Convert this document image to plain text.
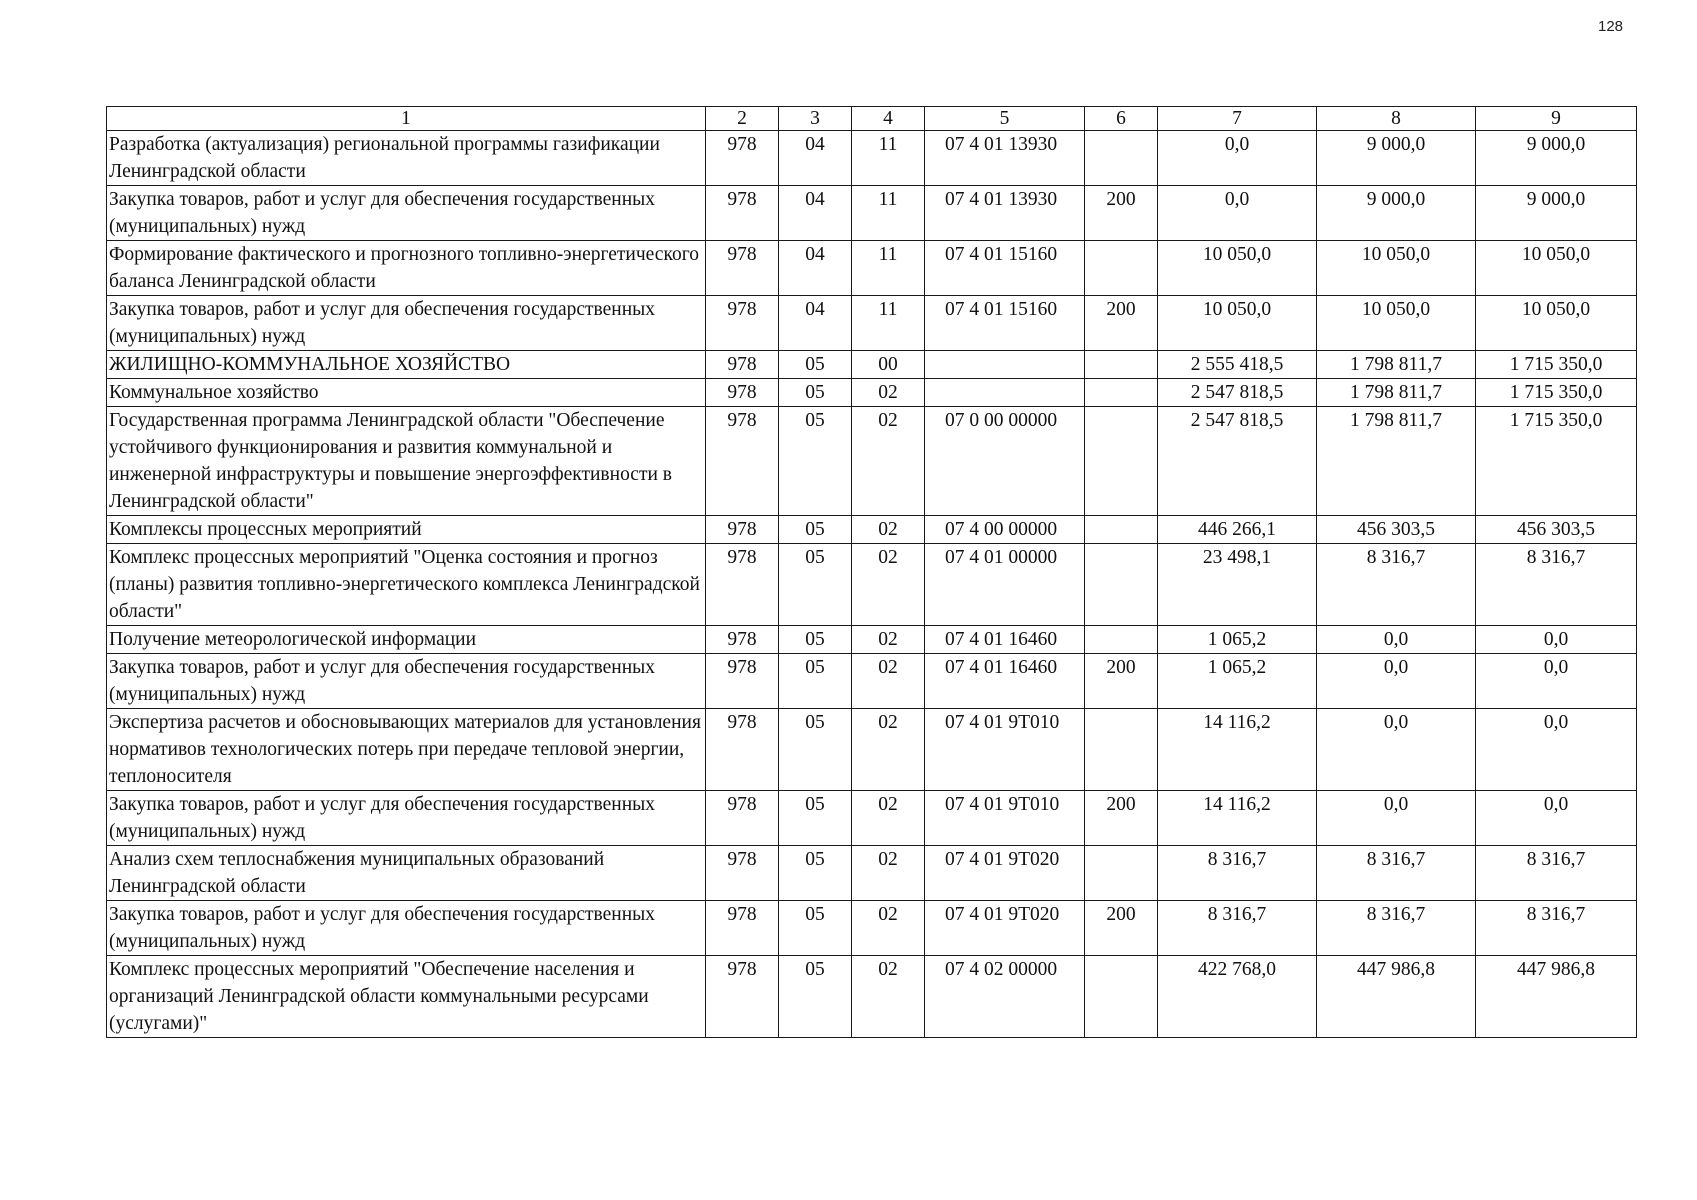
128
1	2	3	4	5	6	7	8	9
Разработка (актуализация) региональной программы газификации Ленинградской области	978	04	11	07 4 01 13930		0,0	9 000,0	9 000,0
Закупка товаров, работ и услуг для обеспечения государственных (муниципальных) нужд	978	04	11	07 4 01 13930	200	0,0	9 000,0	9 000,0
Формирование фактического и прогнозного топливно-энергетического баланса Ленинградской области	978	04	11	07 4 01 15160		10 050,0	10 050,0	10 050,0
Закупка товаров, работ и услуг для обеспечения государственных (муниципальных) нужд	978	04	11	07 4 01 15160	200	10 050,0	10 050,0	10 050,0
ЖИЛИЩНО-КОММУНАЛЬНОЕ ХОЗЯЙСТВО	978	05	00			2 555 418,5	1 798 811,7	1 715 350,0
Коммунальное хозяйство	978	05	02			2 547 818,5	1 798 811,7	1 715 350,0
Государственная программа Ленинградской области "Обеспечение устойчивого функционирования и развития коммунальной и инженерной инфраструктуры и повышение энергоэффективности в Ленинградской области"	978	05	02	07 0 00 00000		2 547 818,5	1 798 811,7	1 715 350,0
Комплексы процессных мероприятий	978	05	02	07 4 00 00000		446 266,1	456 303,5	456 303,5
Комплекс процессных мероприятий "Оценка состояния и прогноз (планы) развития топливно-энергетического комплекса Ленинградской области"	978	05	02	07 4 01 00000		23 498,1	8 316,7	8 316,7
Получение метеорологической информации	978	05	02	07 4 01 16460		1 065,2	0,0	0,0
Закупка товаров, работ и услуг для обеспечения государственных (муниципальных) нужд	978	05	02	07 4 01 16460	200	1 065,2	0,0	0,0
Экспертиза расчетов и обосновывающих материалов для установления нормативов технологических потерь при передаче тепловой энергии, теплоносителя	978	05	02	07 4 01 9Т010		14 116,2	0,0	0,0
Закупка товаров, работ и услуг для обеспечения государственных (муниципальных) нужд	978	05	02	07 4 01 9Т010	200	14 116,2	0,0	0,0
Анализ схем теплоснабжения муниципальных образований Ленинградской области	978	05	02	07 4 01 9Т020		8 316,7	8 316,7	8 316,7
Закупка товаров, работ и услуг для обеспечения государственных (муниципальных) нужд	978	05	02	07 4 01 9Т020	200	8 316,7	8 316,7	8 316,7
Комплекс процессных мероприятий "Обеспечение населения и организаций Ленинградской области коммунальными ресурсами (услугами)"	978	05	02	07 4 02 00000		422 768,0	447 986,8	447 986,8
